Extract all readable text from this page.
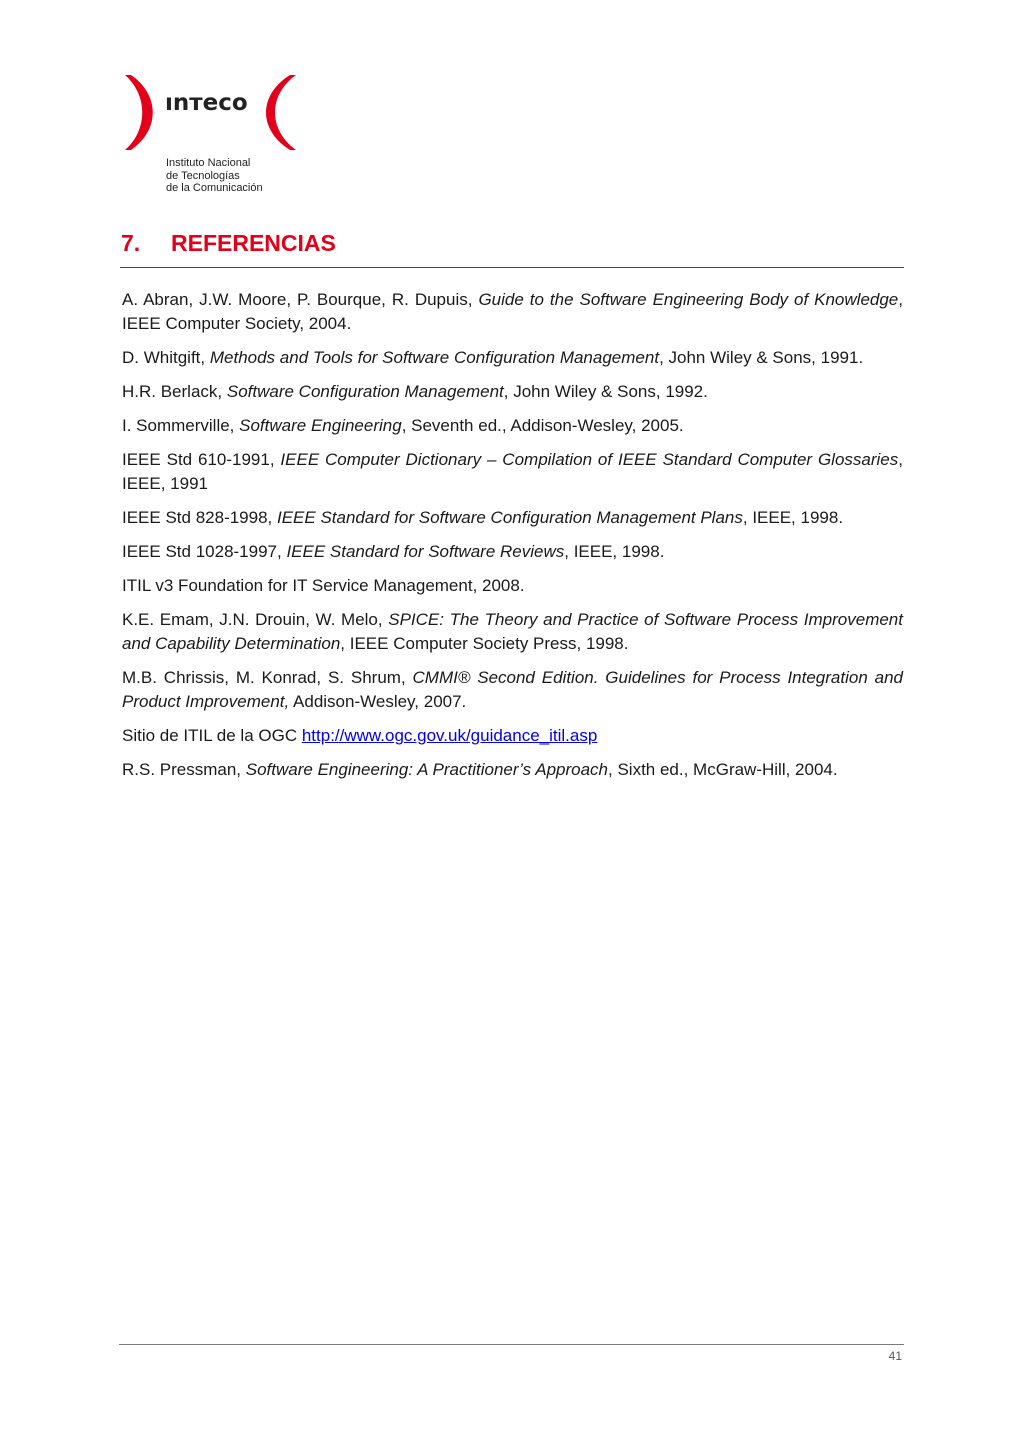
ınтeco
Instituto Nacional
de Tecnologías
de la Comunicación
7. REFERENCIAS
A. Abran, J.W. Moore, P. Bourque, R. Dupuis, Guide to the Software Engineering Body of Knowledge, IEEE Computer Society, 2004.
D. Whitgift, Methods and Tools for Software Configuration Management, John Wiley & Sons, 1991.
H.R. Berlack, Software Configuration Management, John Wiley & Sons, 1992.
I. Sommerville, Software Engineering, Seventh ed., Addison-Wesley, 2005.
IEEE Std 610-1991, IEEE Computer Dictionary – Compilation of IEEE Standard Computer Glossaries, IEEE, 1991
IEEE Std 828-1998, IEEE Standard for Software Configuration Management Plans, IEEE, 1998.
IEEE Std 1028-1997, IEEE Standard for Software Reviews, IEEE, 1998.
ITIL v3 Foundation for IT Service Management, 2008.
K.E. Emam, J.N. Drouin, W. Melo, SPICE: The Theory and Practice of Software Process Improvement and Capability Determination, IEEE Computer Society Press, 1998.
M.B. Chrissis, M. Konrad, S. Shrum, CMMI® Second Edition. Guidelines for Process Integration and Product Improvement, Addison-Wesley, 2007.
Sitio de ITIL de la OGC http://www.ogc.gov.uk/guidance_itil.asp
R.S. Pressman, Software Engineering: A Practitioner’s Approach, Sixth ed., McGraw-Hill, 2004.
41
